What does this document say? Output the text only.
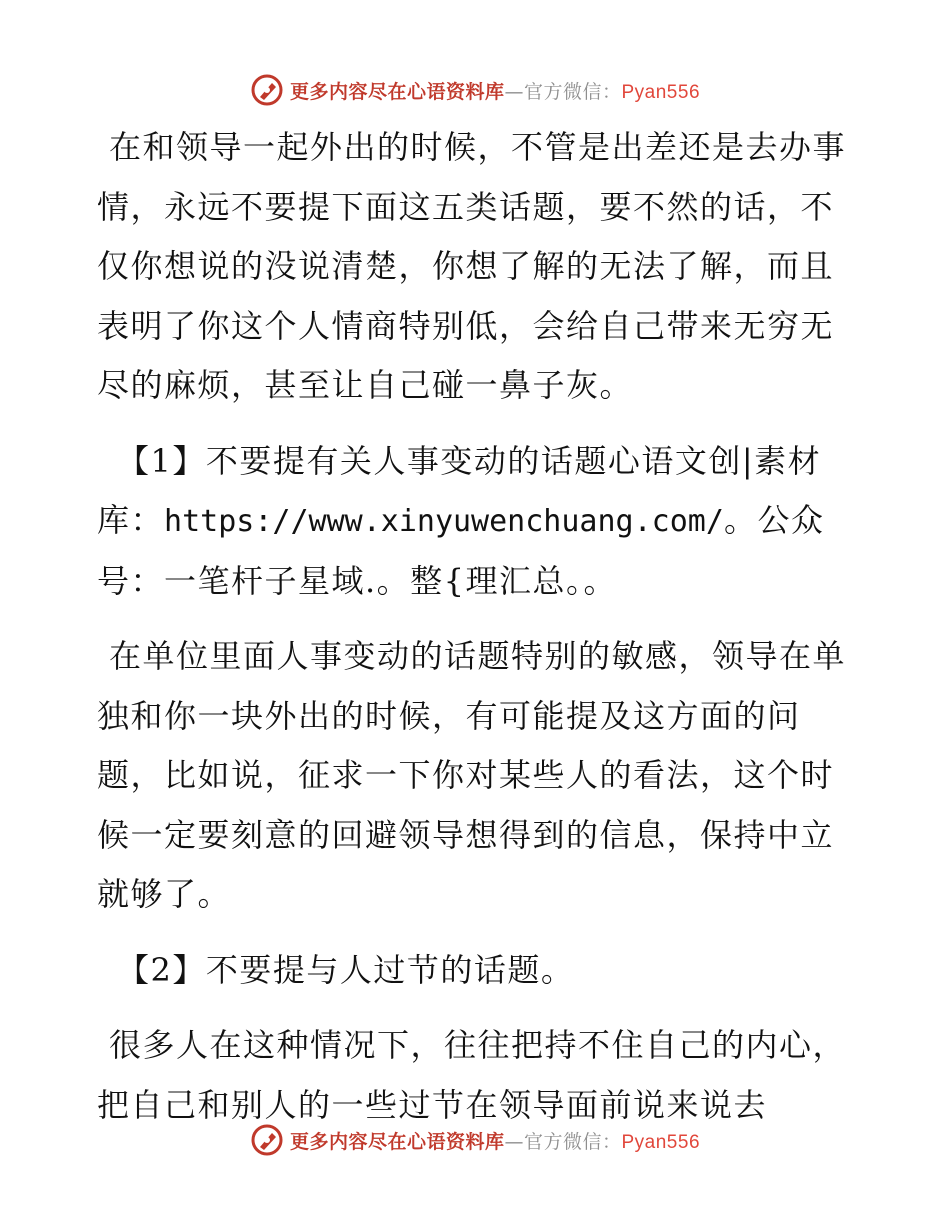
更多内容尽在心语资料库—官方微信：Pyan556

在和领导一起外出的时候，不管是出差还是去办事情，永远不要提下面这五类话题，要不然的话，不仅你想说的没说清楚，你想了解的无法了解，而且表明了你这个人情商特别低，会给自己带来无穷无尽的麻烦，甚至让自己碰一鼻子灰。

【1】不要提有关人事变动的话题心语文创|素材库：https://www.xinyuwenchuang.com/。公众号：一笔杆子星域.。整{理汇总。。

在单位里面人事变动的话题特别的敏感，领导在单独和你一块外出的时候，有可能提及这方面的问题，比如说，征求一下你对某些人的看法，这个时候一定要刻意的回避领导想得到的信息，保持中立就够了。

【2】不要提与人过节的话题。

很多人在这种情况下，往往把持不住自己的内心，把自己和别人的一些过节在领导面前说来说去

更多内容尽在心语资料库—官方微信：Pyan556
